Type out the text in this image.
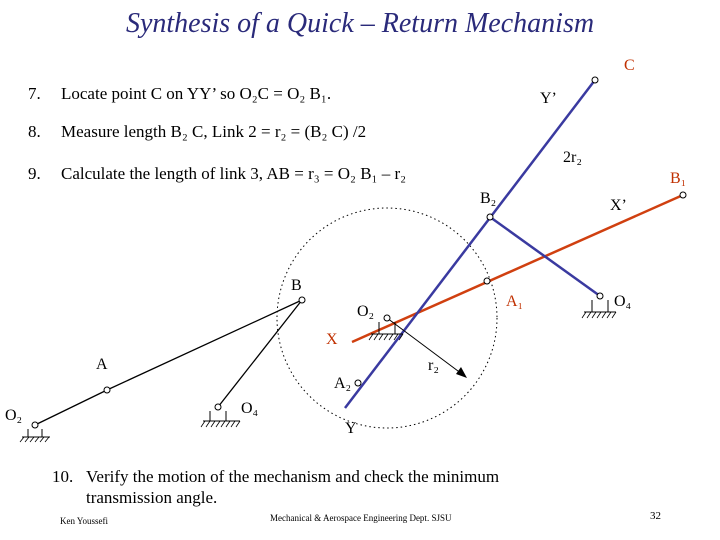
Synthesis of a Quick – Return Mechanism
7. Locate point C on YY’ so O₂C = O₂ B₁.
8. Measure length B₂ C, Link 2 = r₂ = (B₂ C) /2
9. Calculate the length of link 3, AB = r₃ = O₂ B₁ – r₂
C
Y’
2r₂
B₁
X’
B₂
B
A₁	O₄
O₂
X
A	r₂
A₂
O₂	O₄
Y
10. Verify the motion of the mechanism and check the minimum transmission angle.
Ken Youssefi	Mechanical & Aerospace Engineering Dept. SJSU	32
